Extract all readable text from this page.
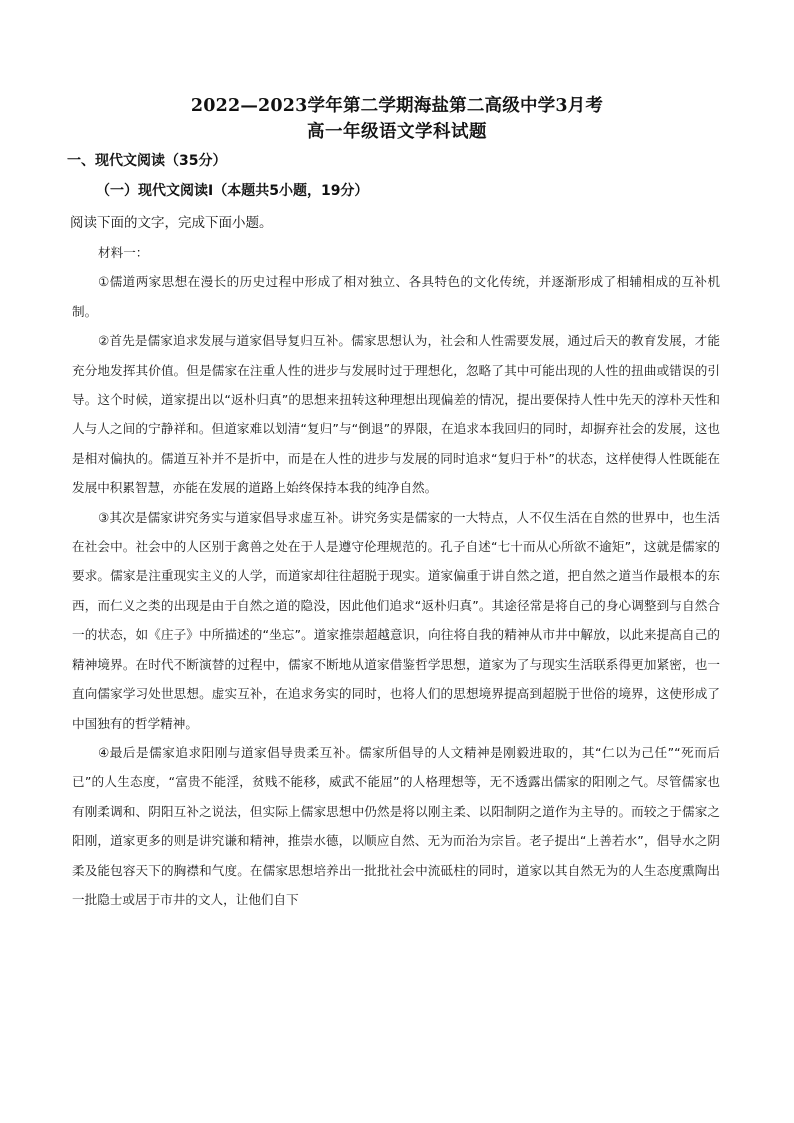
2022—2023学年第二学期海盐第二高级中学3月考
高一年级语文学科试题
一、现代文阅读（35分）
（一）现代文阅读Ⅰ（本题共5小题，19分）
阅读下面的文字，完成下面小题。

材料一：

①儒道两家思想在漫长的历史过程中形成了相对独立、各具特色的文化传统，并逐渐形成了相辅相成的互补机制。

②首先是儒家追求发展与道家倡导复归互补。儒家思想认为，社会和人性需要发展，通过后天的教育发展，才能充分地发挥其价值。但是儒家在注重人性的进步与发展时过于理想化，忽略了其中可能出现的人性的扭曲或错误的引导。这个时候，道家提出以“返朴归真”的思想来扭转这种理想出现偏差的情况，提出要保持人性中先天的淳朴天性和人与人之间的宁静祥和。但道家难以划清“复归”与“倒退”的界限，在追求本我回归的同时，却摒弃社会的发展，这也是相对偏执的。儒道互补并不是折中，而是在人性的进步与发展的同时追求“复归于朴”的状态，这样使得人性既能在发展中积累智慧，亦能在发展的道路上始终保持本我的纯净自然。

③其次是儒家讲究务实与道家倡导求虚互补。讲究务实是儒家的一大特点，人不仅生活在自然的世界中，也生活在社会中。社会中的人区别于禽兽之处在于人是遵守伦理规范的。孔子自述“七十而从心所欲不逾矩”，这就是儒家的要求。儒家是注重现实主义的人学，而道家却往往超脱于现实。道家偏重于讲自然之道，把自然之道当作最根本的东西，而仁义之类的出现是由于自然之道的隐没，因此他们追求“返朴归真”。其途径常是将自己的身心调整到与自然合一的状态，如《庄子》中所描述的“坐忘”。道家推崇超越意识，向往将自我的精神从市井中解放，以此来提高自己的精神境界。在时代不断演替的过程中，儒家不断地从道家借鉴哲学思想，道家为了与现实生活联系得更加紧密，也一直向儒家学习处世思想。虚实互补，在追求务实的同时，也将人们的思想境界提高到超脱于世俗的境界，这使形成了中国独有的哲学精神。

④最后是儒家追求阳刚与道家倡导贵柔互补。儒家所倡导的人文精神是刚毅进取的，其“仁以为己任”“死而后已”的人生态度，“富贵不能淫，贫贱不能移，威武不能屈”的人格理想等，无不透露出儒家的阳刚之气。尽管儒家也有刚柔调和、阴阳互补之说法，但实际上儒家思想中仍然是将以刚主柔、以阳制阴之道作为主导的。而较之于儒家之阳刚，道家更多的则是讲究谦和精神，推崇水德，以顺应自然、无为而治为宗旨。老子提出“上善若水”，倡导水之阴柔及能包容天下的胸襟和气度。在儒家思想培养出一批批社会中流砥柱的同时，道家以其自然无为的人生态度熏陶出一批隐士或居于市井的文人，让他们自下
